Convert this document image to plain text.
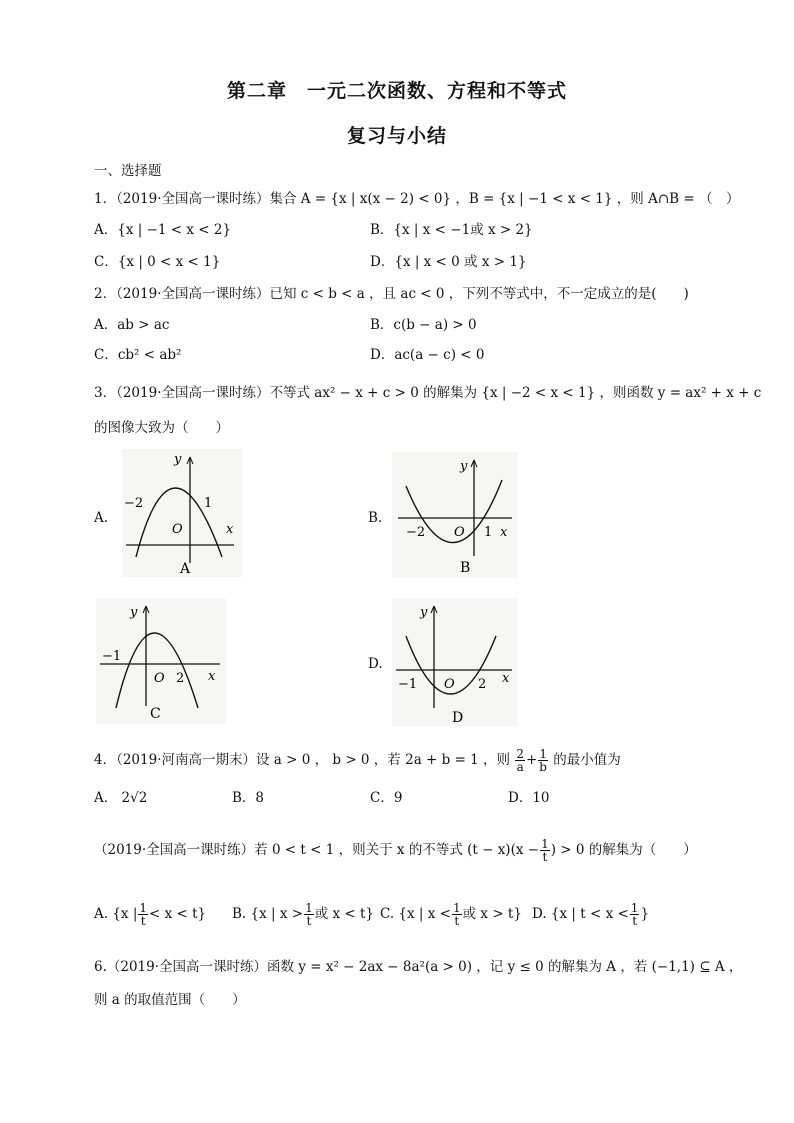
第二章　一元二次函数、方程和不等式
复习与小结
一、选择题
1．（2019·全国高一课时练）集合 A = {x | x(x − 2) < 0} ，B = {x | −1 < x < 1} ，则 A∩B = （　）
A．{x | −1 < x < 2}	B．{x | x < −1或 x > 2}
C．{x | 0 < x < 1}	D．{x | x < 0 或 x > 1}
2．（2019·全国高一课时练）已知 c < b < a ，且 ac < 0 ，下列不等式中，不一定成立的是(　　)
A．ab > ac	B．c(b − a) > 0
C．cb² < ab²	D．ac(a − c) < 0
3．（2019·全国高一课时练）不等式 ax² − x + c > 0 的解集为 {x | −2 < x < 1} ，则函数 y = ax² + x + c
的图像大致为（　　）
A.	B.
D.
y
−2	1
O	x
A
y
−2 O 1 x
B
y
−1
O 2 x
C
y
−1 O 2 x
D
4．（2019·河南高一期末）设 a > 0 ， b > 0 ，若 2a + b = 1 ，则 $\frac{2}{a} + \frac{1}{b}$ 的最小值为
A． 2√2	B．8	C．9	D．10
（2019·全国高一课时练）若 0 < t < 1 ，则关于 x 的不等式 $(t - x)(x - \frac{1}{t}$ ) > 0 的解集为（　　）
A. {x | $\frac{1}{t} < x < t$} B. {x | $x > \frac{1}{t}$ 或 x < t} C. {x | $x < \frac{1}{t}$ 或 x > t} D. {x | $t < x < \frac{1}{t}$ }
6.（2019·全国高一课时练）函数 y = x² − 2ax − 8a²(a > 0) ，记 y ≤ 0 的解集为 A ，若 (−1,1) ⊆ A ，
则 a 的取值范围（　　）
